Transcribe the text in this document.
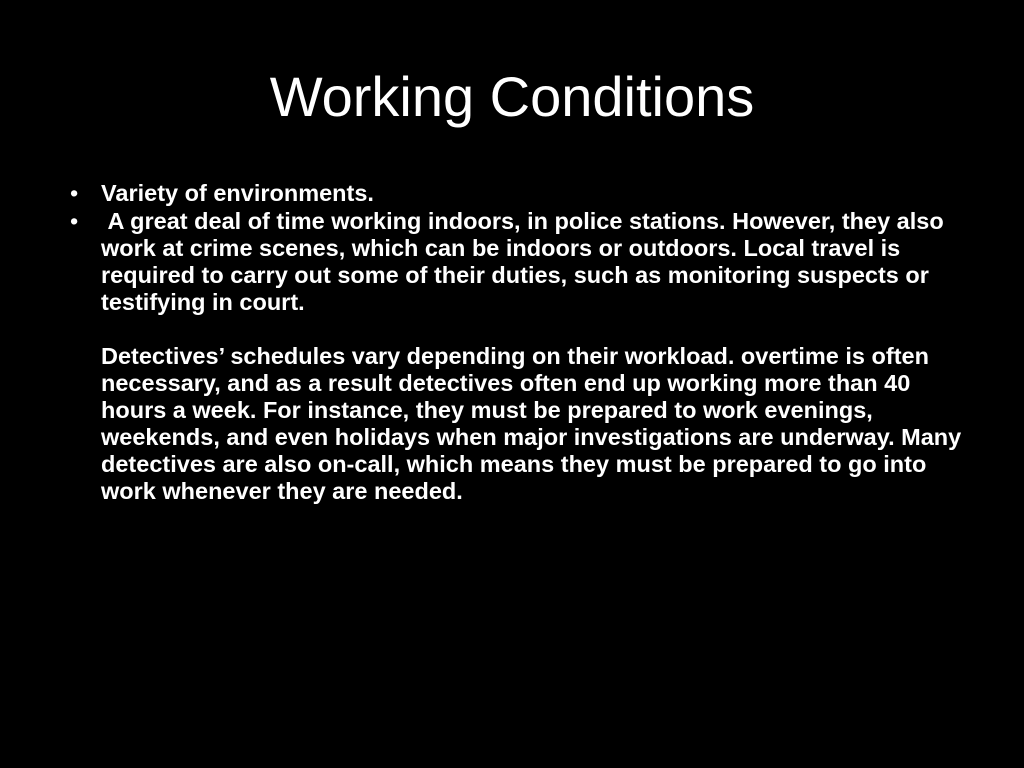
Working Conditions
• Variety of environments.
• A great deal of time working indoors, in police stations. However, they also work at crime scenes, which can be indoors or outdoors. Local travel is required to carry out some of their duties, such as monitoring suspects or testifying in court.
Detectives’ schedules vary depending on their workload. overtime is often necessary, and as a result detectives often end up working more than 40 hours a week. For instance, they must be prepared to work evenings, weekends, and even holidays when major investigations are underway. Many detectives are also on-call, which means they must be prepared to go into work whenever they are needed.
